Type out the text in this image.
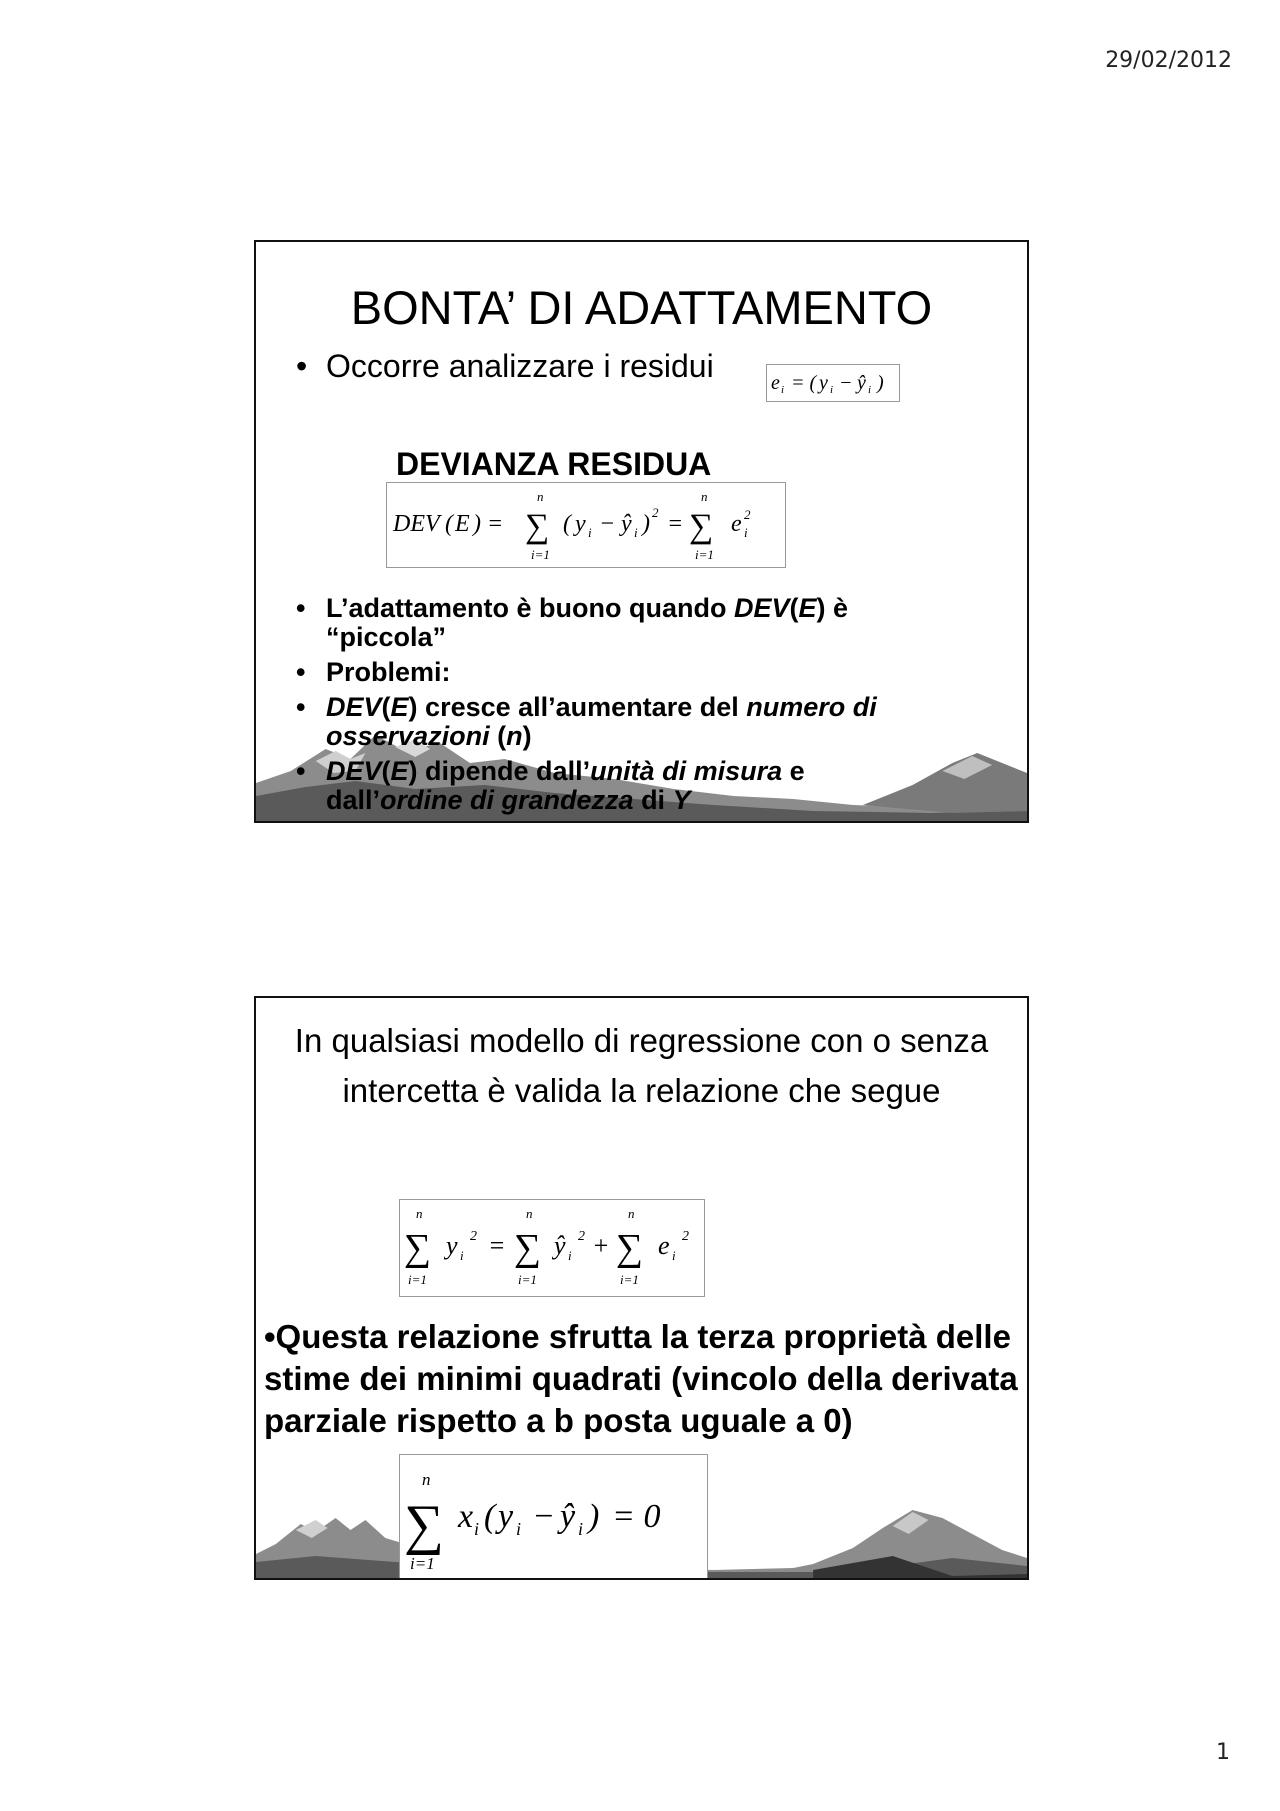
29/02/2012
BONTA’ DI ADATTAMENTO
• Occorre analizzare i residui	e i = ( y i − ŷ i )
DEVIANZA RESIDUA
DEV ( E ) =
n
∑
i=1
( y i − ŷ i ) 2 =
n
∑
i=1
e 2
i
• L’adattamento è buono quando DEV(E) è
“piccola”
• Problemi:
• DEV(E) cresce all’aumentare del numero di
osservazioni (n)
• DEV(E) dipende dall’unità di misura e
dall’ordine di grandezza di Y
In qualsiasi modello di regressione con o senza
intercetta è valida la relazione che segue
n
∑
i=1
y i
2 =
n
∑
i=1
ŷ i
2 +
n
∑
i=1
e i
2
•Questa relazione sfrutta la terza proprietà delle stime dei minimi quadrati (vincolo della derivata parziale rispetto a b posta uguale a 0)
n
∑
i=1
x i ( y i − ŷ i ) = 0
1
